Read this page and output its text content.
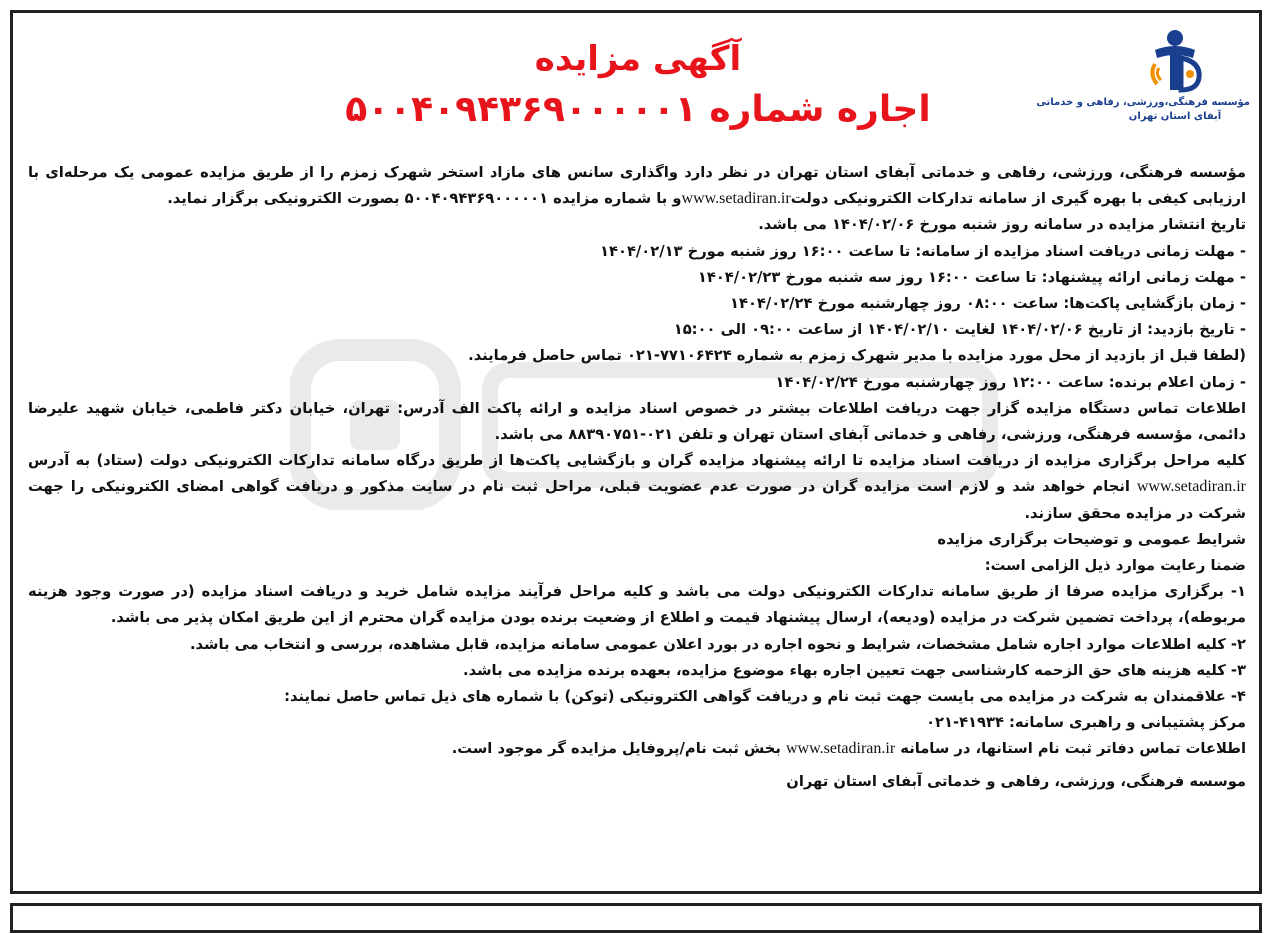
مؤسسه فرهنگی،ورزشی، رفاهی و خدماتی
آبفای استان تهران
آگهی مزایده
اجاره شماره ۵۰۰۴۰۹۴۳۶۹۰۰۰۰۰۱

مؤسسه فرهنگی، ورزشی، رفاهی و خدماتی آبفای استان تهران در نظر دارد واگذاری سانس های مازاد استخر شهرک زمزم را از طریق مزایده عمومی یک مرحله‌ای با ارزیابی کیفی با بهره گیری از سامانه تدارکات الکترونیکی دولتwww.setadiran.irو با شماره مزایده ۵۰۰۴۰۹۴۳۶۹۰۰۰۰۰۱ بصورت الکترونیکی برگزار نماید.

تاریخ انتشار مزایده در سامانه روز شنبه مورخ ۱۴۰۴/۰۲/۰۶ می باشد.

- مهلت زمانی دریافت اسناد مزایده از سامانه: تا ساعت ۱۶:۰۰ روز شنبه مورخ ۱۴۰۴/۰۲/۱۳

- مهلت زمانی ارائه پیشنهاد: تا ساعت ۱۶:۰۰ روز سه شنبه مورخ ۱۴۰۴/۰۲/۲۳

- زمان بازگشایی پاکت‌ها: ساعت ۰۸:۰۰ روز چهارشنبه مورخ ۱۴۰۴/۰۲/۲۴

- تاریخ بازدید: از تاریخ ۱۴۰۴/۰۲/۰۶ لغایت ۱۴۰۴/۰۲/۱۰ از ساعت ۰۹:۰۰ الی ۱۵:۰۰

(لطفا قبل از بازدید از محل مورد مزایده با مدیر شهرک زمزم به شماره ۷۷۱۰۶۴۲۴-۰۲۱ تماس حاصل فرمایند.

- زمان اعلام برنده: ساعت ۱۲:۰۰ روز چهارشنبه مورخ ۱۴۰۴/۰۲/۲۴

اطلاعات تماس دستگاه مزایده گزار جهت دریافت اطلاعات بیشتر در خصوص اسناد مزایده و ارائه پاکت الف آدرس: تهران، خیابان دکتر فاطمی، خیابان شهید علیرضا دائمی، مؤسسه فرهنگی، ورزشی، رفاهی و خدماتی آبفای استان تهران و تلفن ۰۲۱-۸۸۳۹۰۷۵۱ می باشد.

کلیه مراحل برگزاری مزایده از دریافت اسناد مزایده تا ارائه پیشنهاد مزایده گران و بازگشایی پاکت‌ها از طریق درگاه سامانه تدارکات الکترونیکی دولت (ستاد) به آدرس www.setadiran.ir انجام خواهد شد و لازم است مزایده گران در صورت عدم عضویت قبلی، مراحل ثبت نام در سایت مذکور و دریافت گواهی امضای الکترونیکی را جهت شرکت در مزایده محقق سازند.

شرایط عمومی و توضیحات برگزاری مزایده

ضمنا رعایت موارد ذیل الزامی است:

۱- برگزاری مزایده صرفا از طریق سامانه تدارکات الکترونیکی دولت می باشد و کلیه مراحل فرآیند مزایده شامل خرید و دریافت اسناد مزایده (در صورت وجود هزینه مربوطه)، پرداخت تضمین شرکت در مزایده (ودیعه)، ارسال پیشنهاد قیمت و اطلاع از وضعیت برنده بودن مزایده گران محترم از این طریق امکان پذیر می باشد.

۲- کلیه اطلاعات موارد اجاره شامل مشخصات، شرایط و نحوه اجاره در بورد اعلان عمومی سامانه مزایده، قابل مشاهده، بررسی و انتخاب می باشد.

۳- کلیه هزینه های حق الزحمه کارشناسی جهت تعیین اجاره بهاء موضوع مزایده، بعهده برنده مزایده می باشد.

۴- علاقمندان به شرکت در مزایده می بایست جهت ثبت نام و دریافت گواهی الکترونیکی (توکن) با شماره های ذیل تماس حاصل نمایند:

مرکز پشتیبانی و راهبری سامانه: ۴۱۹۳۴-۰۲۱

اطلاعات تماس دفاتر ثبت نام استانها، در سامانه www.setadiran.ir بخش ثبت نام/پروفایل مزایده گر موجود است.

موسسه فرهنگی، ورزشی، رفاهی و خدماتی آبفای استان تهران
